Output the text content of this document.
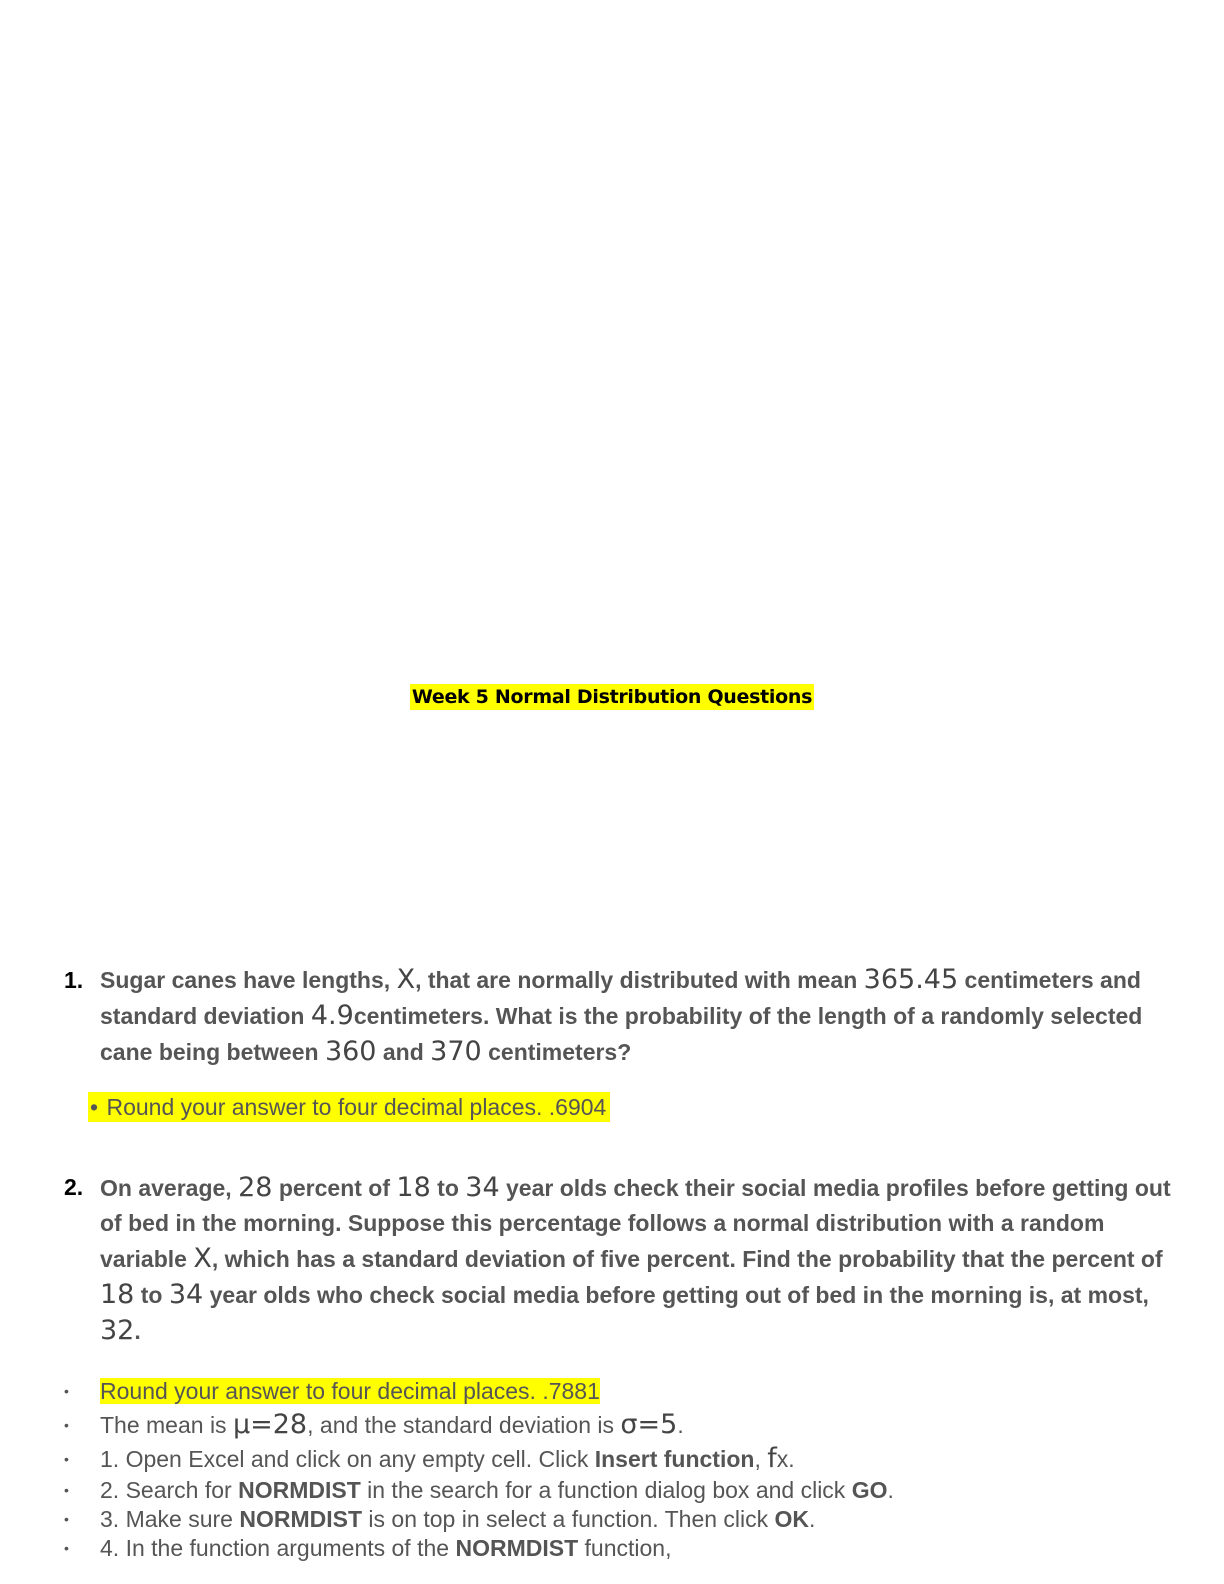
Week 5 Normal Distribution Questions
1. Sugar canes have lengths, X, that are normally distributed with mean 365.45 centimeters and standard deviation 4.9centimeters. What is the probability of the length of a randomly selected cane being between 360 and 370 centimeters?
• Round your answer to four decimal places. .6904
2. On average, 28 percent of 18 to 34 year olds check their social media profiles before getting out of bed in the morning. Suppose this percentage follows a normal distribution with a random variable X, which has a standard deviation of five percent. Find the probability that the percent of 18 to 34 year olds who check social media before getting out of bed in the morning is, at most, 32.
• Round your answer to four decimal places. .7881
• The mean is μ=28, and the standard deviation is σ=5.
• 1. Open Excel and click on any empty cell. Click Insert function, fx.
• 2. Search for NORMDIST in the search for a function dialog box and click GO.
• 3. Make sure NORMDIST is on top in select a function. Then click OK.
• 4. In the function arguments of the NORMDIST function,
